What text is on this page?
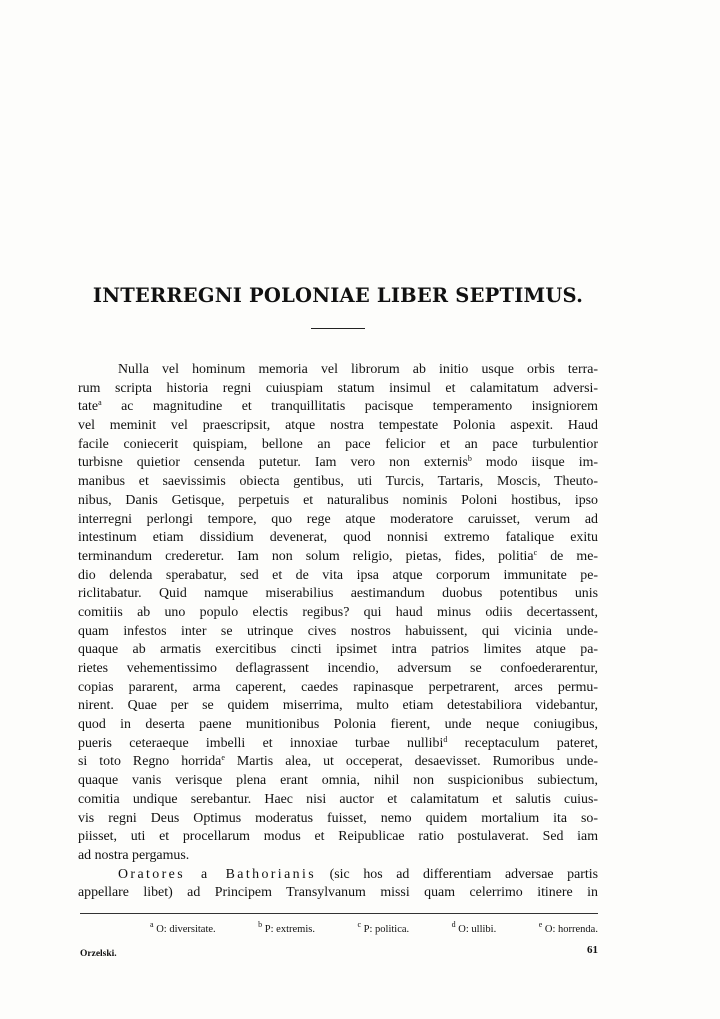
INTERREGNI POLONIAE LIBER SEPTIMUS.
Nulla vel hominum memoria vel librorum ab initio usque orbis terra-
rum scripta historia regni cuiuspiam statum insimul et calamitatum adversi-
tate$^a$ ac magnitudine et tranquillitatis pacisque temperamento insigniorem
vel meminit vel praescripsit, atque nostra tempestate Polonia aspexit. Haud
facile coniecerit quispiam, bellone an pace felicior et an pace turbulentior
turbisne quietior censenda putetur. Iam vero non externis$^b$ modo iisque im-
manibus et saevissimis obiecta gentibus, uti Turcis, Tartaris, Moscis, Theuto-
nibus, Danis Getisque, perpetuis et naturalibus nominis Poloni hostibus, ipso
interregni perlongi tempore, quo rege atque moderatore caruisset, verum ad
intestinum etiam dissidium devenerat, quod nonnisi extremo fatalique exitu
terminandum crederetur. Iam non solum religio, pietas, fides, politia$^c$ de me-
dio delenda sperabatur, sed et de vita ipsa atque corporum immunitate pe-
riclitabatur. Quid namque miserabilius aestimandum duobus potentibus unis
comitiis ab uno populo electis regibus? qui haud minus odiis decertassent,
quam infestos inter se utrinque cives nostros habuissent, qui vicinia unde-
quaque ab armatis exercitibus cincti ipsimet intra patrios limites atque pa-
rietes vehementissimo deflagrassent incendio, adversum se confoederarentur,
copias pararent, arma caperent, caedes rapinasque perpetrarent, arces permu-
nirent. Quae per se quidem miserrima, multo etiam detestabiliora videbantur,
quod in deserta paene munitionibus Polonia fierent, unde neque coniugibus,
pueris ceteraeque imbelli et innoxiae turbae nullibi$^d$ receptaculum pateret,
si toto Regno horrida$^e$ Martis alea, ut occeperat, desaevisset. Rumoribus unde-
quaque vanis verisque plena erant omnia, nihil non suspicionibus subiectum,
comitia undique serebantur. Haec nisi auctor et calamitatum et salutis cuius-
vis regni Deus Optimus moderatus fuisset, nemo quidem mortalium ita so-
piisset, uti et procellarum modus et Reipublicae ratio postulaverat. Sed iam
ad nostra pergamus.
Oratores a Bathorianis (sic hos ad differentiam adversae partis
appellare libet) ad Principem Transylvanum missi quam celerrimo itinere in
$^a$ O: diversitate.	$^b$ P: extremis.	$^c$ P: politica.	$^d$ O: ullibi.	$^e$ O: horrenda.
Orzelski.	61
